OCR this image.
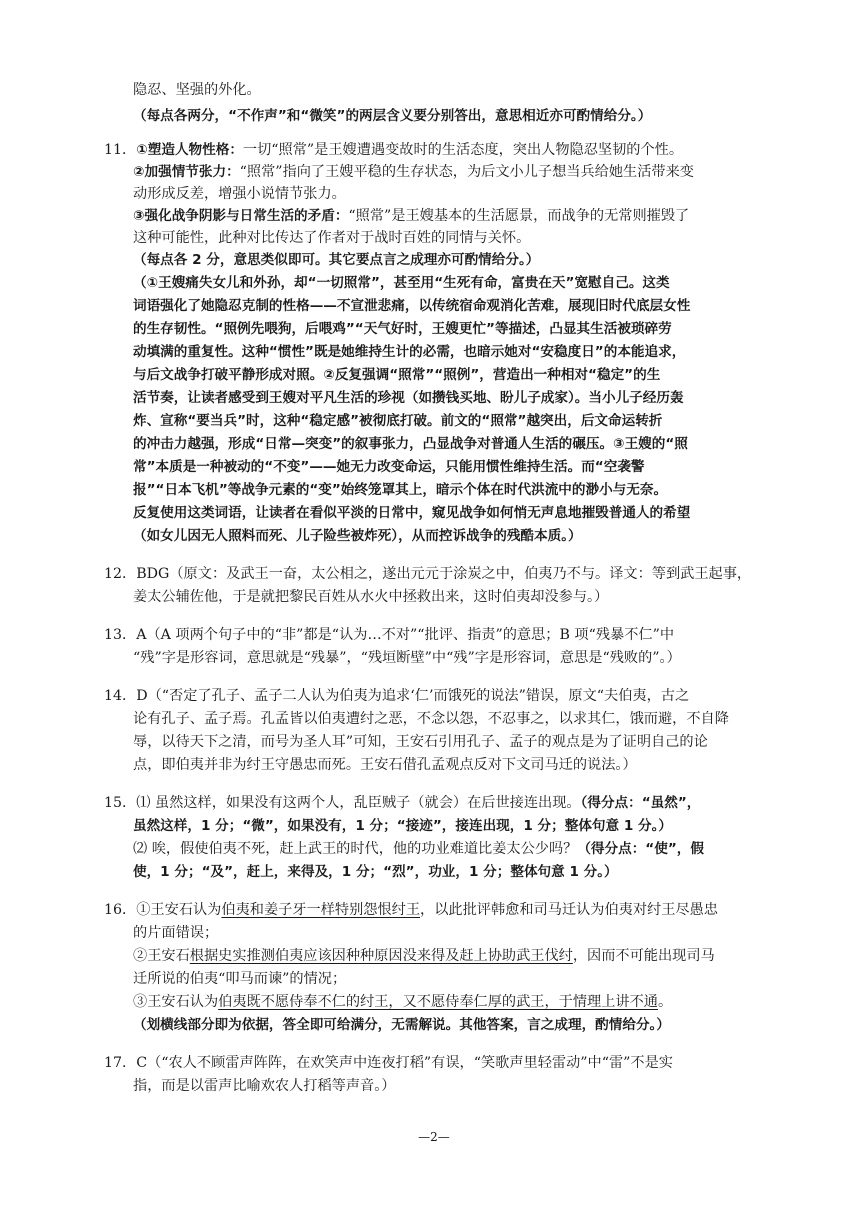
隐忍、坚强的外化。
（每点各两分，“不作声”和“微笑”的两层含义要分别答出，意思相近亦可酌情给分。）
11．①塑造人物性格：一切“照常”是王嫂遭遇变故时的生活态度，突出人物隐忍坚韧的个性。
②加强情节张力：“照常”指向了王嫂平稳的生存状态，为后文小儿子想当兵给她生活带来变
动形成反差，增强小说情节张力。
③强化战争阴影与日常生活的矛盾：“照常”是王嫂基本的生活愿景，而战争的无常则摧毁了
这种可能性，此种对比传达了作者对于战时百姓的同情与关怀。
（每点各 2 分，意思类似即可。其它要点言之成理亦可酌情给分。）
（①王嫂痛失女儿和外孙，却“一切照常”，甚至用“生死有命，富贵在天”宽慰自己。这类
词语强化了她隐忍克制的性格——不宣泄悲痛，以传统宿命观消化苦难，展现旧时代底层女性
的生存韧性。“照例先喂狗，后喂鸡”“天气好时，王嫂更忙”等描述，凸显其生活被琐碎劳
动填满的重复性。这种“惯性”既是她维持生计的必需，也暗示她对“安稳度日”的本能追求，
与后文战争打破平静形成对照。②反复强调“照常”“照例”，营造出一种相对“稳定”的生
活节奏，让读者感受到王嫂对平凡生活的珍视（如攒钱买地、盼儿子成家）。当小儿子经历轰
炸、宣称“要当兵”时，这种“稳定感”被彻底打破。前文的“照常”越突出，后文命运转折
的冲击力越强，形成“日常—突变”的叙事张力，凸显战争对普通人生活的碾压。③王嫂的“照
常”本质是一种被动的“不变”——她无力改变命运，只能用惯性维持生活。而“空袭警
报”“日本飞机”等战争元素的“变”始终笼罩其上，暗示个体在时代洪流中的渺小与无奈。
反复使用这类词语，让读者在看似平淡的日常中，窥见战争如何悄无声息地摧毁普通人的希望
（如女儿因无人照料而死、儿子险些被炸死），从而控诉战争的残酷本质。）
12．BDG（原文：及武王一奋，太公相之，遂出元元于涂炭之中，伯夷乃不与。译文：等到武王起事，
姜太公辅佐他，于是就把黎民百姓从水火中拯救出来，这时伯夷却没参与。）
13．A（A 项两个句子中的“非”都是“认为…不对”“批评、指责”的意思；B 项“残暴不仁”中
“残”字是形容词，意思就是“残暴”，“残垣断壁”中“残”字是形容词，意思是“残败的”。）
14．D（“否定了孔子、孟子二人认为伯夷为追求‘仁’而饿死的说法”错误，原文“夫伯夷，古之
论有孔子、孟子焉。孔孟皆以伯夷遭纣之恶，不念以怨，不忍事之，以求其仁，饿而避，不自降
辱，以待天下之清，而号为圣人耳”可知，王安石引用孔子、孟子的观点是为了证明自己的论
点，即伯夷并非为纣王守愚忠而死。王安石借孔孟观点反对下文司马迁的说法。）
15．⑴ 虽然这样，如果没有这两个人，乱臣贼子（就会）在后世接连出现。（得分点：“虽然”，
虽然这样，1 分；“微”，如果没有，1 分；“接迹”，接连出现，1 分；整体句意 1 分。）
⑵ 唉，假使伯夷不死，赶上武王的时代，他的功业难道比姜太公少吗？（得分点：“使”，假
使，1 分；“及”，赶上，来得及，1 分；“烈”，功业，1 分；整体句意 1 分。）
16．①王安石认为伯夷和姜子牙一样特别怨恨纣王，以此批评韩愈和司马迁认为伯夷对纣王尽愚忠
的片面错误；
②王安石根据史实推测伯夷应该因种种原因没来得及赶上协助武王伐纣，因而不可能出现司马
迁所说的伯夷“叩马而谏”的情况；
③王安石认为伯夷既不愿侍奉不仁的纣王，又不愿侍奉仁厚的武王，于情理上讲不通。
（划横线部分即为依据，答全即可给满分，无需解说。其他答案，言之成理，酌情给分。）
17．C（“农人不顾雷声阵阵，在欢笑声中连夜打稻”有误，“笑歌声里轻雷动”中“雷”不是实
指，而是以雷声比喻欢农人打稻等声音。）
—2—
